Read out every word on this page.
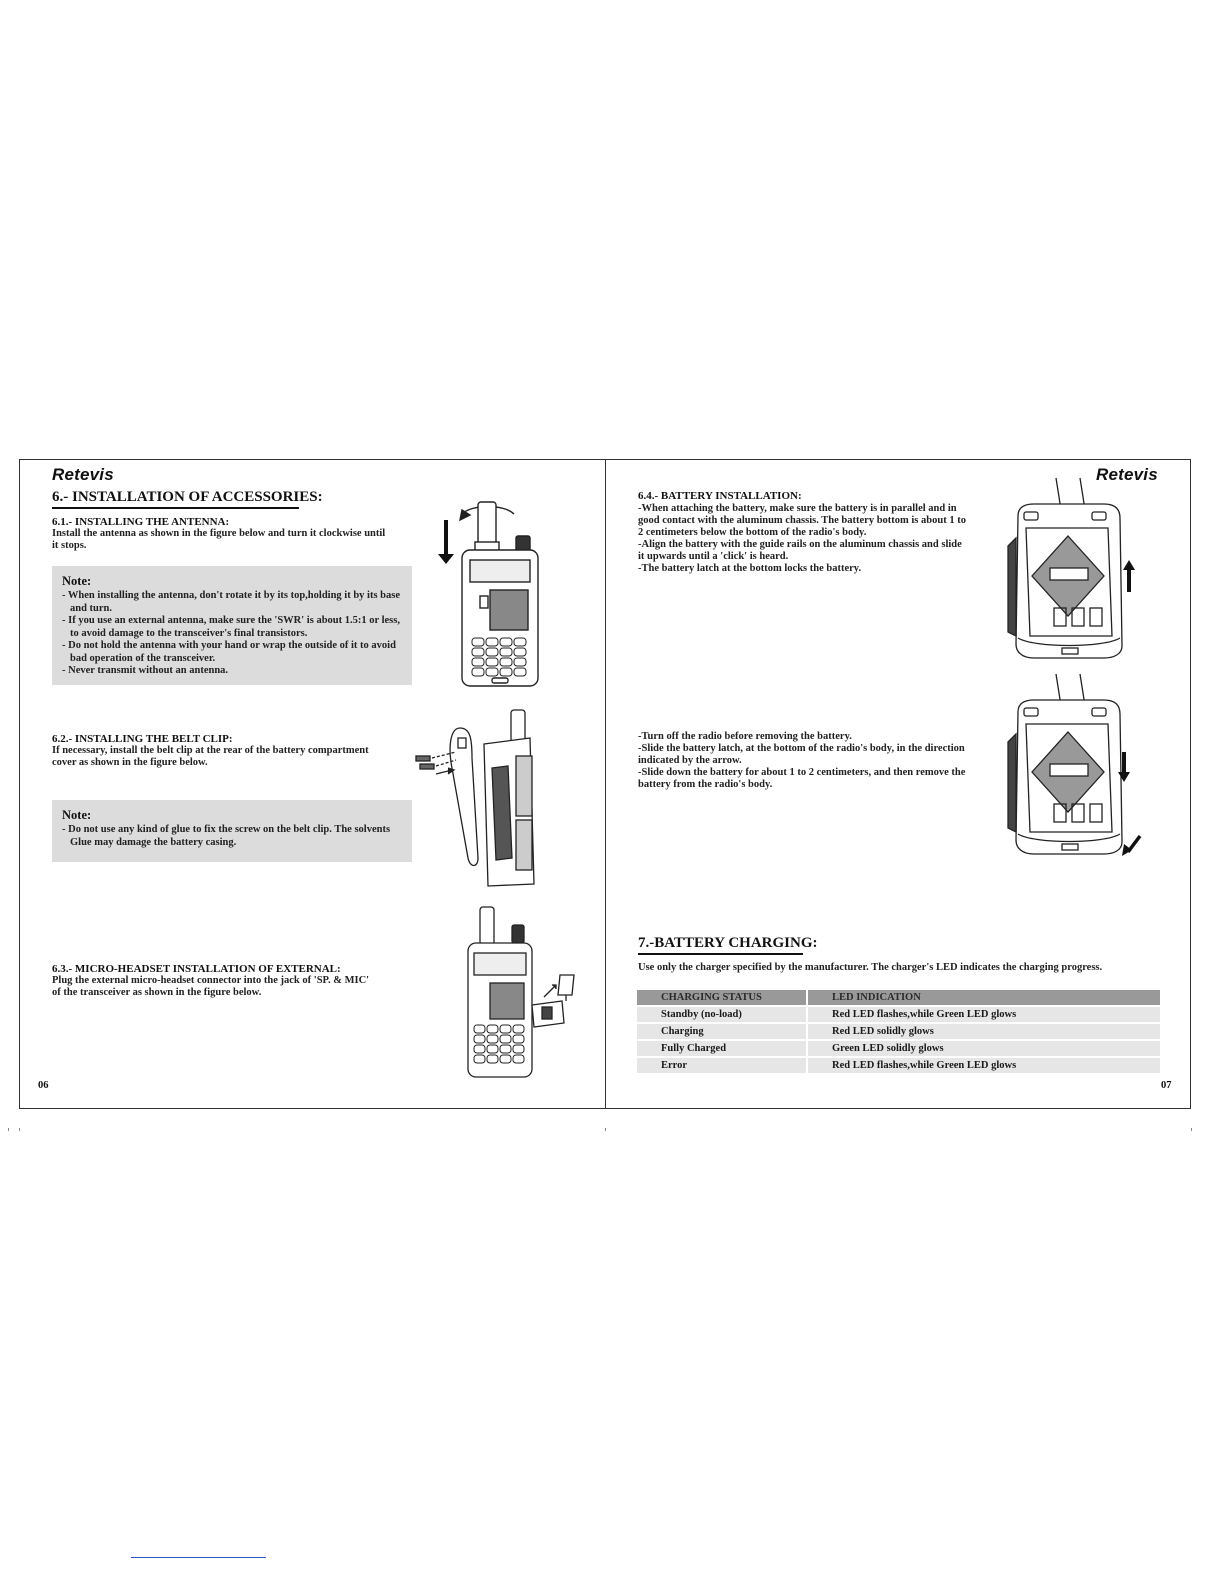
Retevis
6.- INSTALLATION OF ACCESSORIES:
6.1.- INSTALLING THE ANTENNA:
Install the antenna as shown in the figure below and turn it clockwise until
it stops.
Note:
- When installing the antenna, don't rotate it by its top,holding it by its base and turn.
- If you use an external antenna, make sure the 'SWR' is about 1.5:1 or less, to avoid damage to the transceiver's final transistors.
- Do not hold the antenna with your hand or wrap the outside of it to avoid bad operation of the transceiver.
- Never transmit without an antenna.
6.2.- INSTALLING THE BELT CLIP:
If necessary, install the belt clip at the rear of the battery compartment
cover as shown in the figure below.
Note:
- Do not use any kind of glue to fix the screw on the belt clip. The solvents Glue may damage the battery casing.
6.3.- MICRO-HEADSET INSTALLATION OF EXTERNAL:
Plug the external micro-headset connector into the jack of 'SP. & MIC'
of the transceiver as shown in the figure below.
06
Retevis
6.4.- BATTERY INSTALLATION:
-When attaching the battery, make sure the battery is in parallel and in
good contact with the aluminum chassis. The battery bottom is about 1 to
2 centimeters below the bottom of the radio's body.
-Align the battery with the guide rails on the aluminum chassis and slide
it upwards until a 'click' is heard.
-The battery latch at the bottom locks the battery.
-Turn off the radio before removing the battery.
-Slide the battery latch, at the bottom of the radio's body, in the direction
indicated by the arrow.
-Slide down the battery for about 1 to 2 centimeters, and then remove the
battery from the radio's body.
7.-BATTERY CHARGING:
Use only the charger specified by the manufacturer. The charger's LED indicates the charging progress.
CHARGING STATUS	LED INDICATION
Standby (no-load)	Red LED flashes,while Green LED glows
Charging	Red LED solidly glows
Fully Charged	Green LED solidly glows
Error	Red LED flashes,while Green LED glows
07
